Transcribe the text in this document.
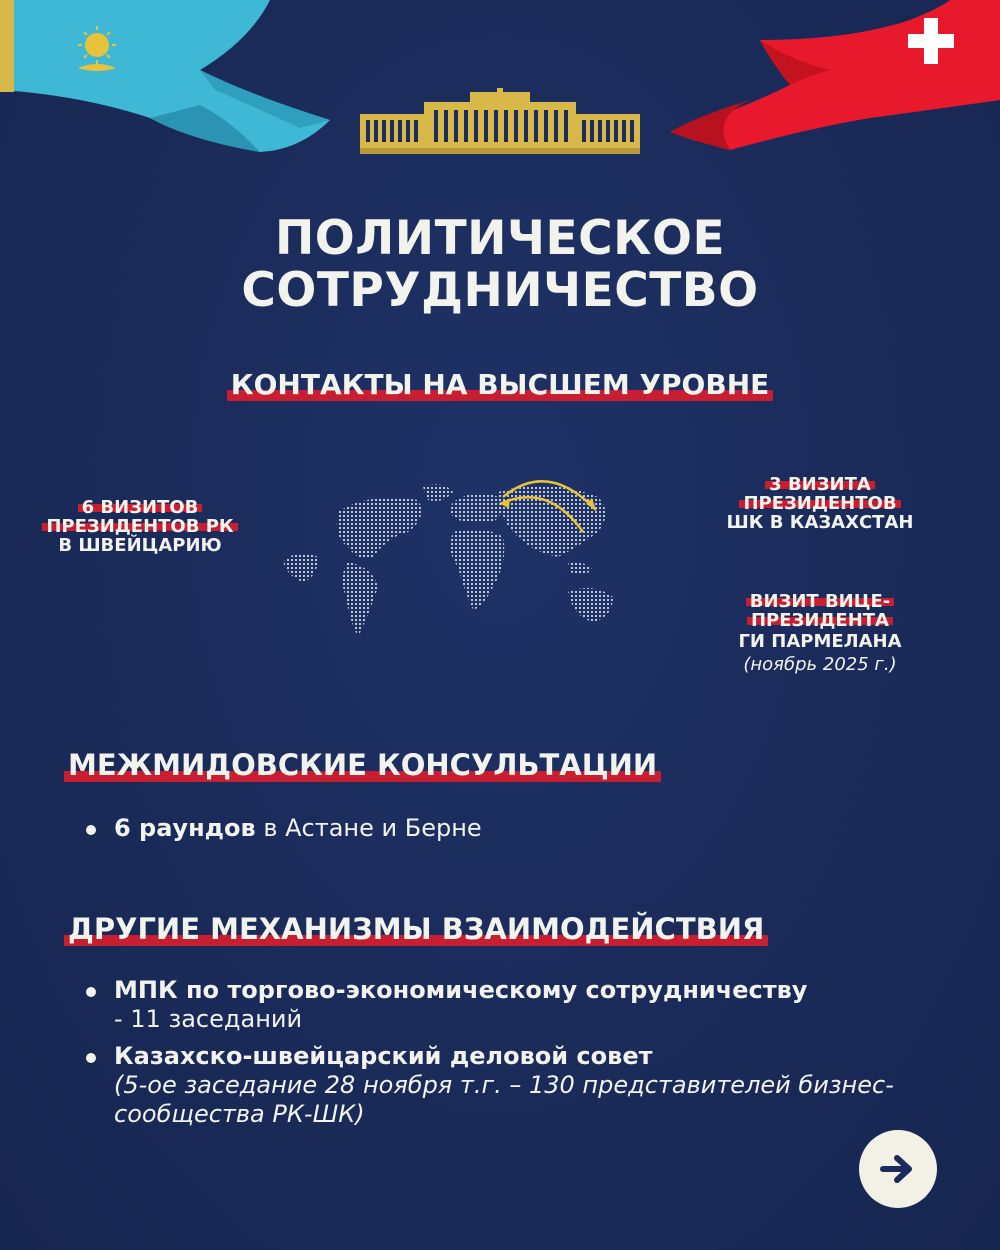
ПОЛИТИЧЕСКОЕ
СОТРУДНИЧЕСТВО
КОНТАКТЫ НА ВЫСШЕМ УРОВНЕ
6 ВИЗИТОВ
ПРЕЗИДЕНТОВ РК
В ШВЕЙЦАРИЮ
3 ВИЗИТА
ПРЕЗИДЕНТОВ
ШК В КАЗАХСТАН
ВИЗИТ ВИЦЕ-
ПРЕЗИДЕНТА
ГИ ПАРМЕЛАНА
(ноябрь 2025 г.)
МЕЖМИДОВСКИЕ КОНСУЛЬТАЦИИ
6 раундов в Астане и Берне
ДРУГИЕ МЕХАНИЗМЫ ВЗАИМОДЕЙСТВИЯ
МПК по торгово-экономическому сотрудничеству
- 11 заседаний
Казахско-швейцарский деловой совет
(5-ое заседание 28 ноября т.г. – 130 представителей бизнес-сообщества РК-ШК)
